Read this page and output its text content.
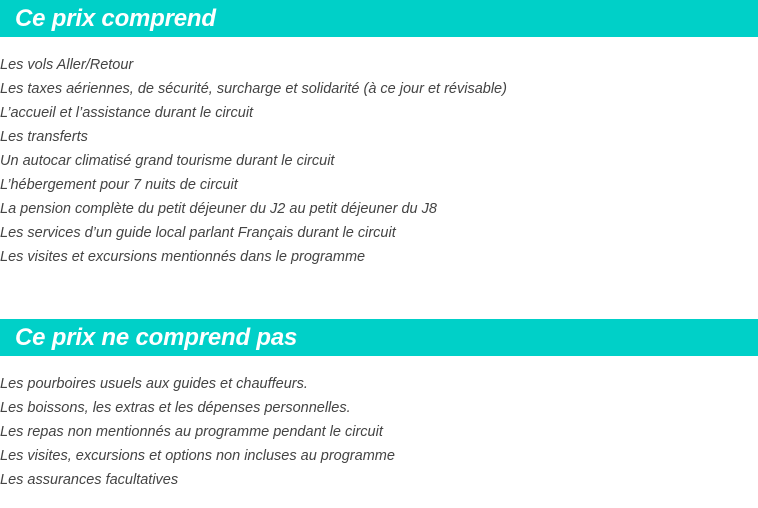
Ce prix comprend
Les vols Aller/Retour
Les taxes aériennes, de sécurité, surcharge et solidarité (à ce jour et révisable)
L’accueil et l’assistance durant le circuit
Les transferts
Un autocar climatisé grand tourisme durant le circuit
L’hébergement pour 7 nuits de circuit
La pension complète du petit déjeuner du J2 au petit déjeuner du J8
Les services d’un guide local parlant Français durant le circuit
Les visites et excursions mentionnés dans le programme
Ce prix ne comprend pas
Les pourboires usuels aux guides et chauffeurs.
Les boissons, les extras et les dépenses personnelles.
Les repas non mentionnés au programme pendant le circuit
Les visites, excursions et options non incluses au programme
Les assurances facultatives
